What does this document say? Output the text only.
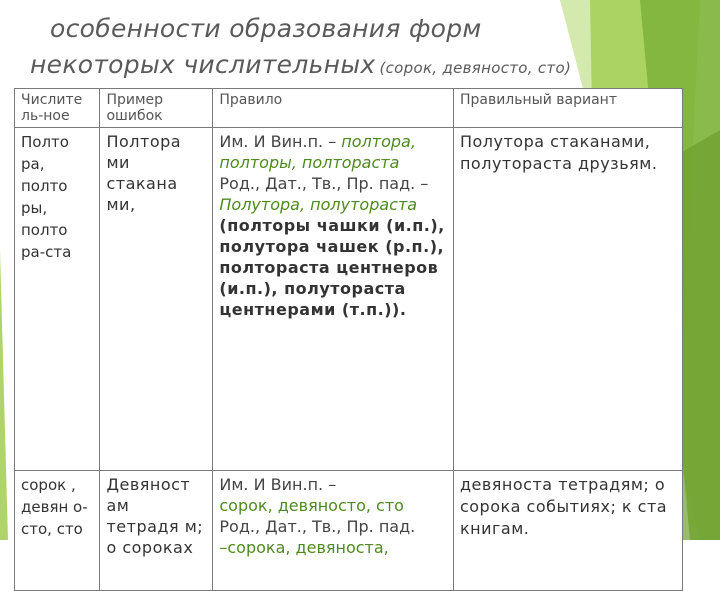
особенности образования форм
некоторых числительных (сорок, девяносто, сто)
Числите ль-ное	Пример ошибок	Правило	Правильный вариант
Полто ра, полто ры, полто ра-ста	Полтора ми стакана ми,	Им. И Вин.п. – полтора, полторы, полтораста
Род., Дат., Тв., Пр. пад. –
Полутора, полутораста
(полторы чашки (и.п.), полутора чашек (р.п.), полтораста центнеров (и.п.), полутораста центнерами (т.п.)).	Полутора стаканами, полутораста друзьям.
сорок , девян о-сто, сто	Девяност ам тетрадя м; о сороках	Им. И Вин.п. –
сорок, девяносто, сто
Род., Дат., Тв., Пр. пад.
–сорока, девяноста,	девяноста тетрадям; о сорока событиях; к ста книгам.
